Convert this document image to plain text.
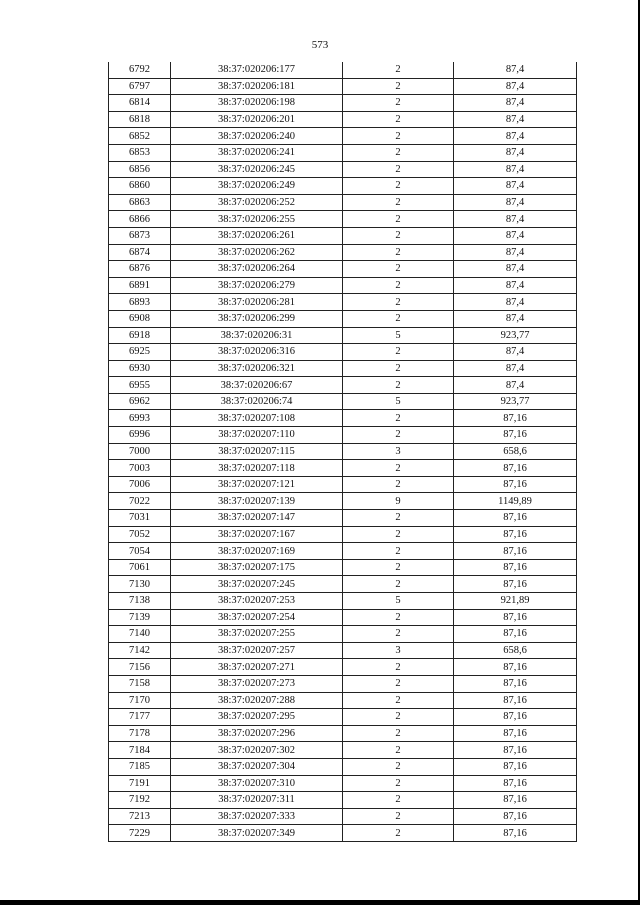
573
6792	38:37:020206:177	2	87,4
6797	38:37:020206:181	2	87,4
6814	38:37:020206:198	2	87,4
6818	38:37:020206:201	2	87,4
6852	38:37:020206:240	2	87,4
6853	38:37:020206:241	2	87,4
6856	38:37:020206:245	2	87,4
6860	38:37:020206:249	2	87,4
6863	38:37:020206:252	2	87,4
6866	38:37:020206:255	2	87,4
6873	38:37:020206:261	2	87,4
6874	38:37:020206:262	2	87,4
6876	38:37:020206:264	2	87,4
6891	38:37:020206:279	2	87,4
6893	38:37:020206:281	2	87,4
6908	38:37:020206:299	2	87,4
6918	38:37:020206:31	5	923,77
6925	38:37:020206:316	2	87,4
6930	38:37:020206:321	2	87,4
6955	38:37:020206:67	2	87,4
6962	38:37:020206:74	5	923,77
6993	38:37:020207:108	2	87,16
6996	38:37:020207:110	2	87,16
7000	38:37:020207:115	3	658,6
7003	38:37:020207:118	2	87,16
7006	38:37:020207:121	2	87,16
7022	38:37:020207:139	9	1149,89
7031	38:37:020207:147	2	87,16
7052	38:37:020207:167	2	87,16
7054	38:37:020207:169	2	87,16
7061	38:37:020207:175	2	87,16
7130	38:37:020207:245	2	87,16
7138	38:37:020207:253	5	921,89
7139	38:37:020207:254	2	87,16
7140	38:37:020207:255	2	87,16
7142	38:37:020207:257	3	658,6
7156	38:37:020207:271	2	87,16
7158	38:37:020207:273	2	87,16
7170	38:37:020207:288	2	87,16
7177	38:37:020207:295	2	87,16
7178	38:37:020207:296	2	87,16
7184	38:37:020207:302	2	87,16
7185	38:37:020207:304	2	87,16
7191	38:37:020207:310	2	87,16
7192	38:37:020207:311	2	87,16
7213	38:37:020207:333	2	87,16
7229	38:37:020207:349	2	87,16
